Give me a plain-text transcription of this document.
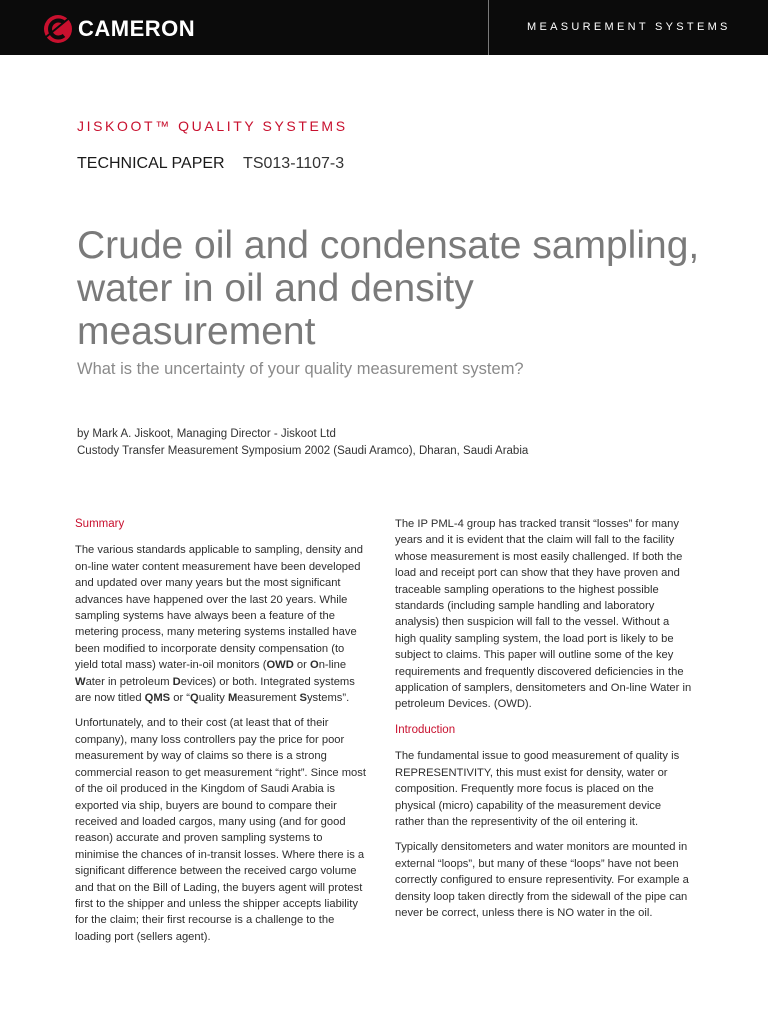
CAMERON	MEASUREMENT SYSTEMS
JISKOOT™ QUALITY SYSTEMS
TECHNICAL PAPER TS013-1107-3
Crude oil and condensate sampling, water in oil and density measurement
What is the uncertainty of your quality measurement system?
by Mark A. Jiskoot, Managing Director - Jiskoot Ltd
Custody Transfer Measurement Symposium 2002 (Saudi Aramco), Dharan, Saudi Arabia
Summary

The various standards applicable to sampling, density and on-line water content measurement have been developed and updated over many years but the most significant advances have happened over the last 20 years. While sampling systems have always been a feature of the metering process, many metering systems installed have been modified to incorporate density compensation (to yield total mass) water-in-oil monitors (OWD or On-line Water in petroleum Devices) or both. Integrated systems are now titled QMS or “Quality Measurement Systems”.

Unfortunately, and to their cost (at least that of their company), many loss controllers pay the price for poor measurement by way of claims so there is a strong commercial reason to get measurement “right”. Since most of the oil produced in the Kingdom of Saudi Arabia is exported via ship, buyers are bound to compare their received and loaded cargos, many using (and for good reason) accurate and proven sampling systems to minimise the chances of in-transit losses. Where there is a significant difference between the received cargo volume and that on the Bill of Lading, the buyers agent will protest first to the shipper and unless the shipper accepts liability for the claim; their first recourse is a challenge to the loading port (sellers agent).

The IP PML-4 group has tracked transit “losses” for many years and it is evident that the claim will fall to the facility whose measurement is most easily challenged. If both the load and receipt port can show that they have proven and traceable sampling operations to the highest possible standards (including sample handling and laboratory analysis) then suspicion will fall to the vessel. Without a high quality sampling system, the load port is likely to be subject to claims. This paper will outline some of the key requirements and frequently discovered deficiencies in the application of samplers, densitometers and On-line Water in petroleum Devices. (OWD).

Introduction

The fundamental issue to good measurement of quality is REPRESENTIVITY, this must exist for density, water or composition. Frequently more focus is placed on the physical (micro) capability of the measurement device rather than the representivity of the oil entering it.

Typically densitometers and water monitors are mounted in external “loops”, but many of these “loops” have not been correctly configured to ensure representivity. For example a density loop taken directly from the sidewall of the pipe can never be correct, unless there is NO water in the oil.
